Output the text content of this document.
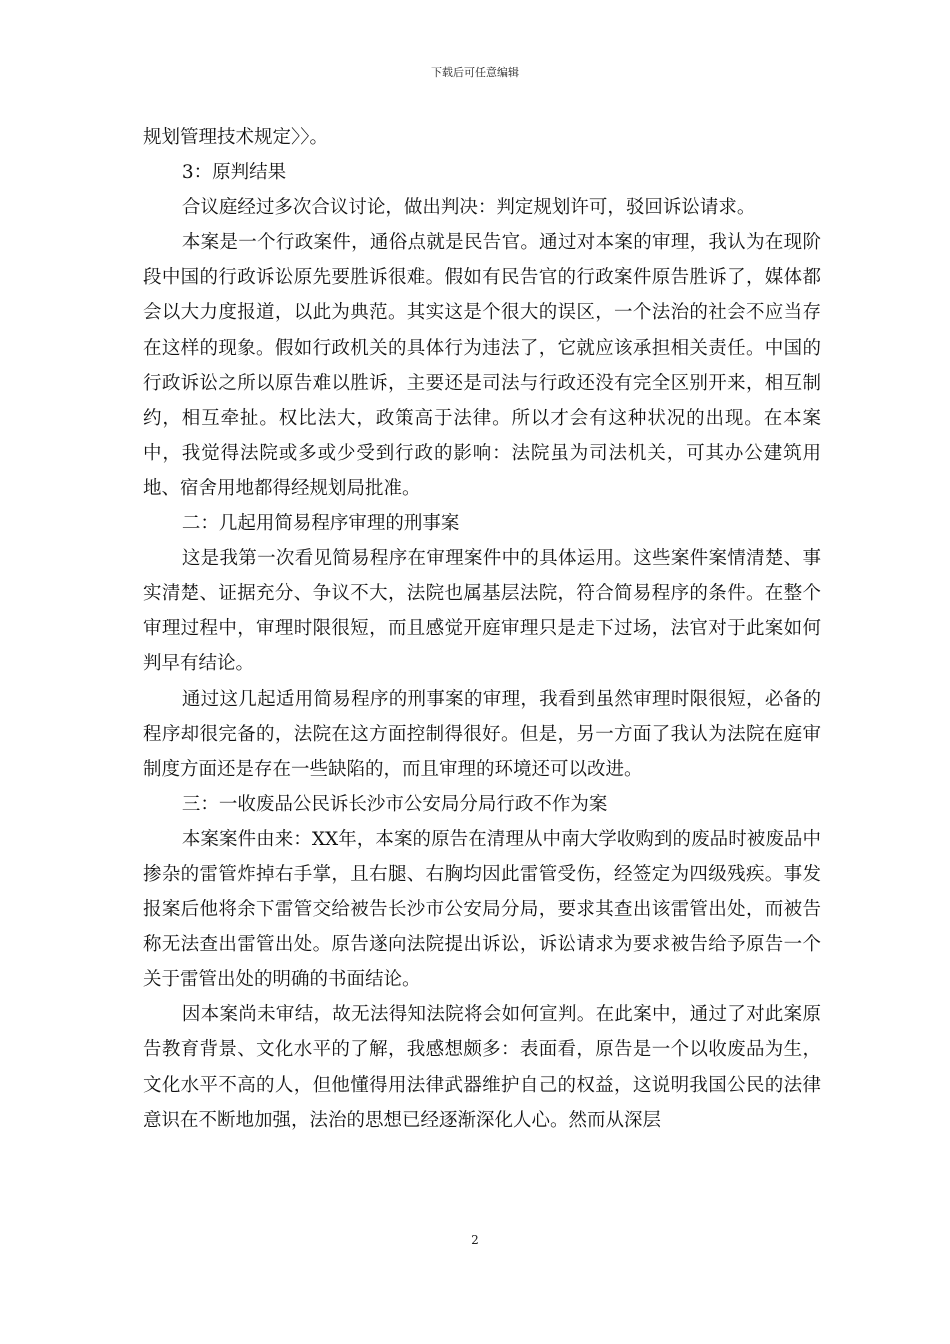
下载后可任意编辑

规划管理技术规定〉〉。

3：原判结果

合议庭经过多次合议讨论，做出判决：判定规划许可，驳回诉讼请求。

本案是一个行政案件，通俗点就是民告官。通过对本案的审理，我认为在现阶段中国的行政诉讼原先要胜诉很难。假如有民告官的行政案件原告胜诉了，媒体都会以大力度报道，以此为典范。其实这是个很大的误区，一个法治的社会不应当存在这样的现象。假如行政机关的具体行为违法了，它就应该承担相关责任。中国的行政诉讼之所以原告难以胜诉，主要还是司法与行政还没有完全区别开来，相互制约，相互牵扯。权比法大，政策高于法律。所以才会有这种状况的出现。在本案中，我觉得法院或多或少受到行政的影响：法院虽为司法机关，可其办公建筑用地、宿舍用地都得经规划局批准。

二：几起用简易程序审理的刑事案

这是我第一次看见简易程序在审理案件中的具体运用。这些案件案情清楚、事实清楚、证据充分、争议不大，法院也属基层法院，符合简易程序的条件。在整个审理过程中，审理时限很短，而且感觉开庭审理只是走下过场，法官对于此案如何判早有结论。

通过这几起适用简易程序的刑事案的审理，我看到虽然审理时限很短，必备的程序却很完备的，法院在这方面控制得很好。但是，另一方面了我认为法院在庭审制度方面还是存在一些缺陷的，而且审理的环境还可以改进。

三：一收废品公民诉长沙市公安局分局行政不作为案

本案案件由来：XX年，本案的原告在清理从中南大学收购到的废品时被废品中掺杂的雷管炸掉右手掌，且右腿、右胸均因此雷管受伤，经签定为四级残疾。事发报案后他将余下雷管交给被告长沙市公安局分局，要求其查出该雷管出处，而被告称无法查出雷管出处。原告遂向法院提出诉讼，诉讼请求为要求被告给予原告一个关于雷管出处的明确的书面结论。

因本案尚未审结，故无法得知法院将会如何宣判。在此案中，通过了对此案原告教育背景、文化水平的了解，我感想颇多：表面看，原告是一个以收废品为生，文化水平不高的人，但他懂得用法律武器维护自己的权益，这说明我国公民的法律意识在不断地加强，法治的思想已经逐渐深化人心。然而从深层

2
